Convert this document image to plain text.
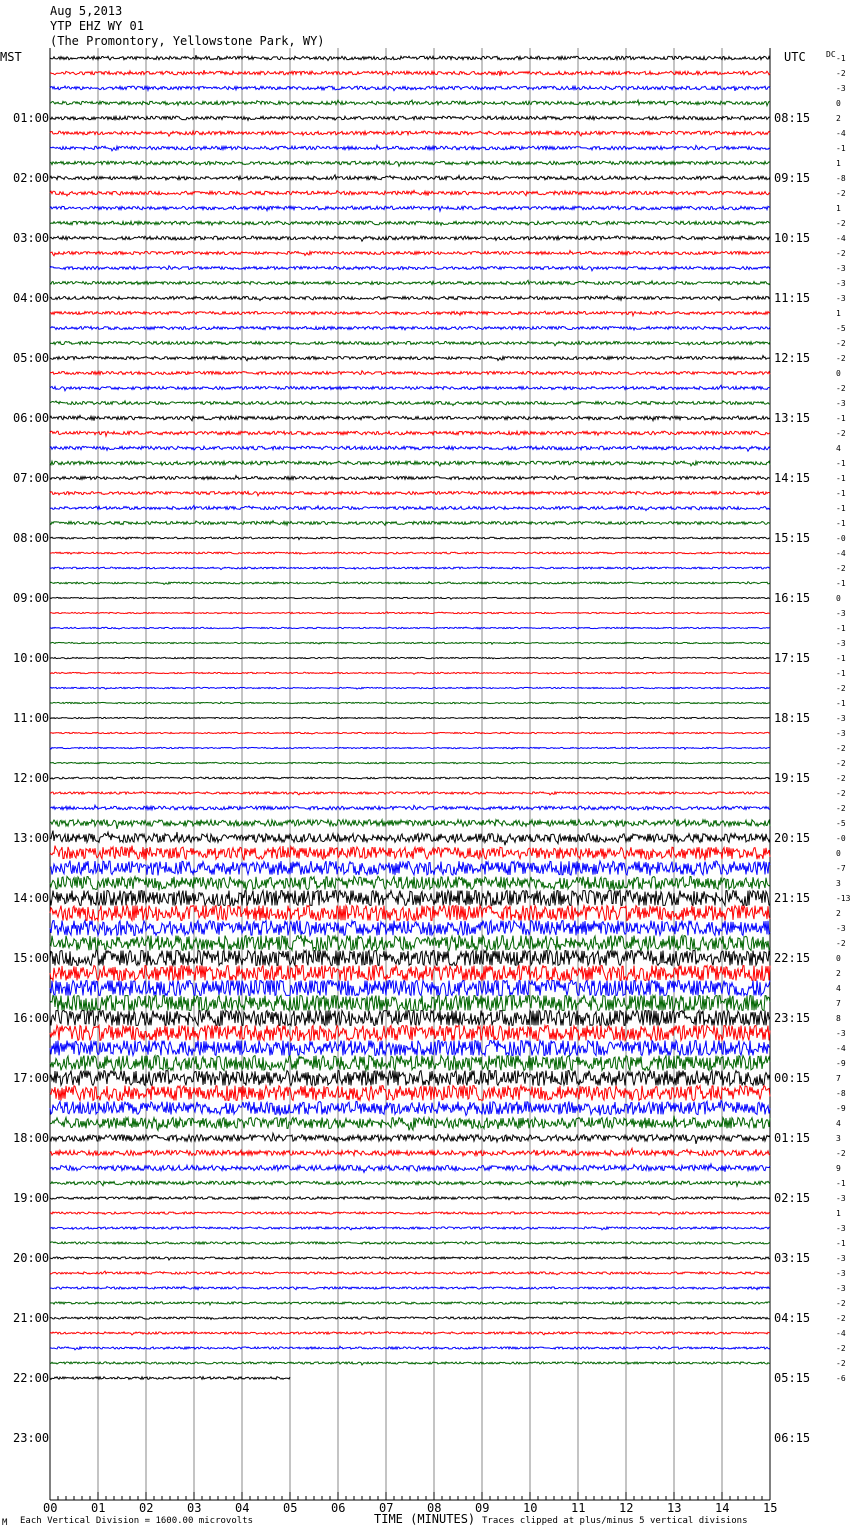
Aug 5,2013
YTP EHZ WY 01
(The Promontory, Yellowstone Park, WY)
MST	UTC	DC
01:00
02:00
03:00
04:00
05:00
06:00
07:00
08:00
09:00
10:00
11:00
12:00
13:00
14:00
15:00
16:00
17:00
18:00
19:00
20:00
21:00
22:00
23:00
08:15
09:15
10:15
11:15
12:15
13:15
14:15
15:15
16:15
17:15
18:15
19:15
20:15
21:15
22:15
23:15
00:15
01:15
02:15
03:15
04:15
05:15
06:15
-1
-2
-3
0
2
-4
-1
1
-8
-2
1
-2
-4
-2
-3
-3
-3
1
-5
-2
-2
0
-2
-3
-1
-2
4
-1
-1
-1
-1
-1
-0
-4
-2
-1
0
-3
-1
-3
-1
-1
-2
-1
-3
-3
-2
-2
-2
-2
-2
-5
-0
0
-7
3
-13
2
-3
-2
0
2
4
7
8
-3
-4
-9
7
-8
-9
4
3
-2
9
-1
-3
1
-3
-1
-3
-3
-3
-2
-2
-4
-2
-2
-6
00	01	02	03	04	05	06	07	08	09	10	11	12	13	14	15
M Each Vertical Division = 1600.00 microvolts	TIME (MINUTES) Traces clipped at plus/minus 5 vertical divisions
